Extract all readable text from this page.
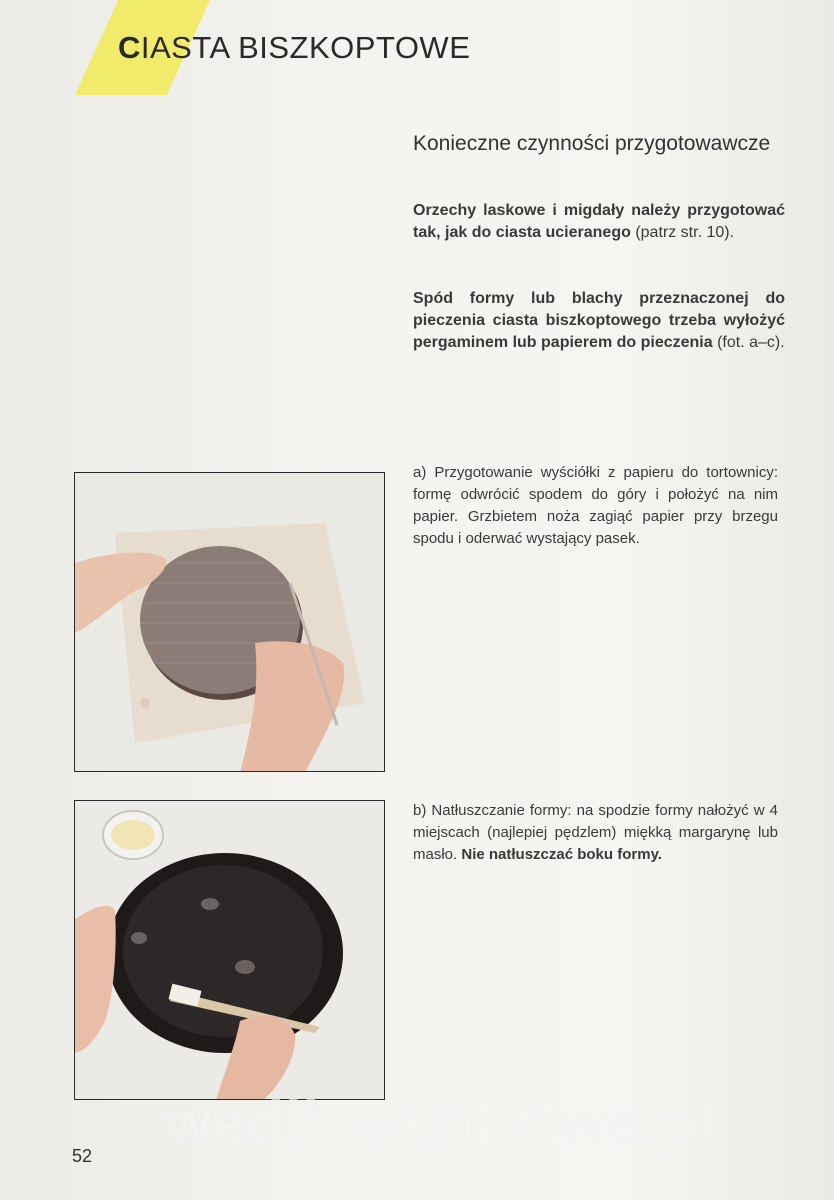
CIASTA BISZKOPTOWE
Konieczne czynności przygotowawcze
Orzechy laskowe i migdały należy przygotować tak, jak do ciasta ucieranego (patrz str. 10).
Spód formy lub blachy przeznaczonej do pieczenia ciasta biszkoptowego trzeba wyłożyć pergaminem lub papierem do pieczenia (fot. a–c).
a) Przygotowanie wyściółki z papieru do tortownicy: formę odwrócić spodem do góry i położyć na nim papier. Grzbietem noża zagiąć papier przy brzegu spodu i oderwać wystający pasek.
b) Natłuszczanie formy: na spodzie formy nałożyć w 4 miejscach (najlepiej pędzlem) miękką margarynę lub masło. Nie natłuszczać boku formy.
wedlinydomowe.pl
52
